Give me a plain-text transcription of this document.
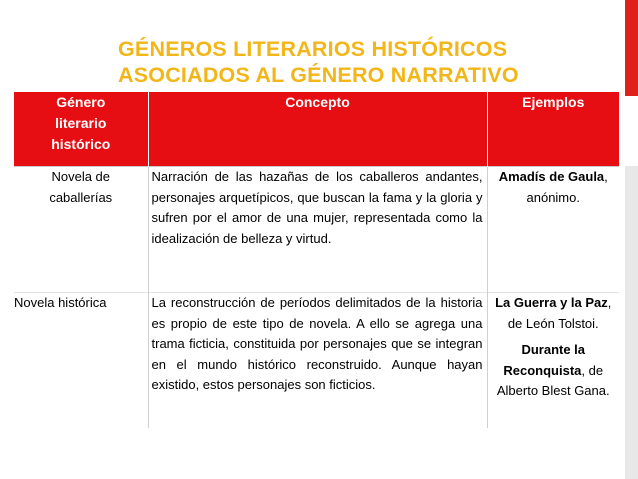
GÉNEROS LITERARIOS HISTÓRICOS
ASOCIADOS AL GÉNERO NARRATIVO
Género literario histórico	Concepto	Ejemplos

Novela de caballerías	Narración de las hazañas de los caballeros andantes, personajes arquetípicos, que buscan la fama y la gloria y sufren por el amor de una mujer, representada como la idealización de belleza y virtud.	Amadís de Gaula, anónimo.

Novela histórica	La reconstrucción de períodos delimitados de la historia es propio de este tipo de novela. A ello se agrega una trama ficticia, constituida por personajes que se integran en el mundo histórico reconstruido. Aunque hayan existido, estos personajes son ficticios.	La Guerra y la Paz, de León Tolstoi.

Durante la Reconquista, de Alberto Blest Gana.
